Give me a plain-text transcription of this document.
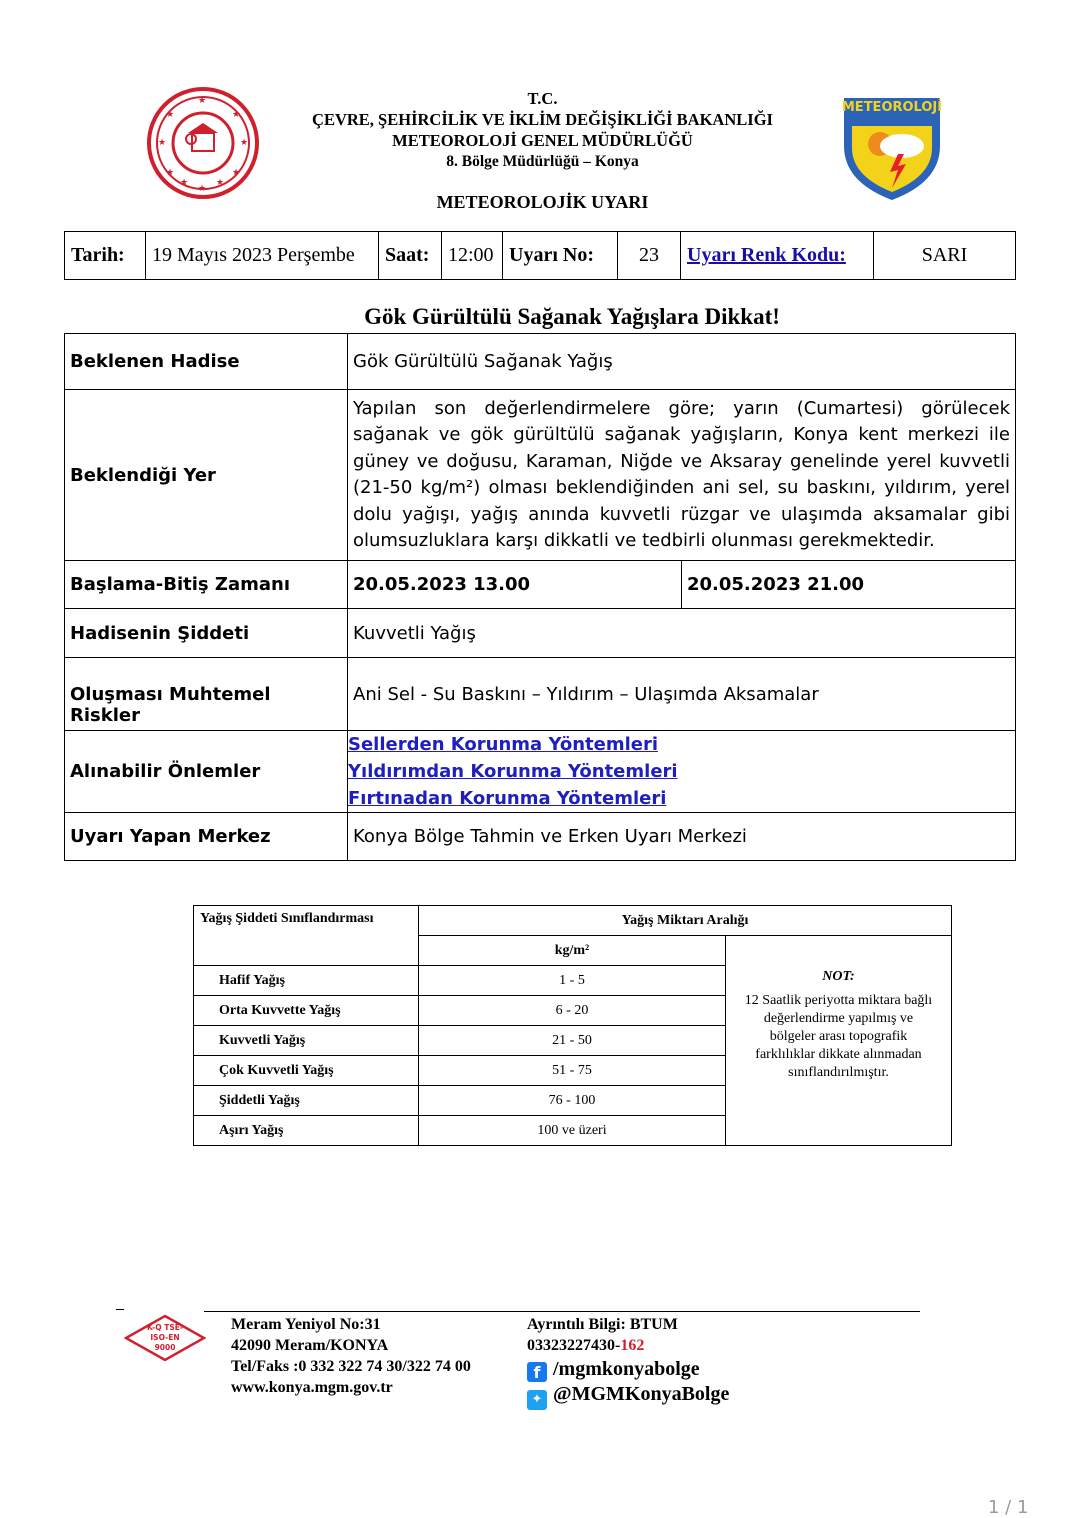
★	★
★	★
★	★
★
★
★	★
T.C.
ÇEVRE, ŞEHİRCİLİK VE İKLİM DEĞİŞİKLİĞİ BAKANLIĞI
METEOROLOJİ GENEL MÜDÜRLÜĞÜ
8. Bölge Müdürlüğü – Konya
METEOROLOJİ
METEOROLOJİK UYARI
Tarih:	19 Mayıs 2023 Perşembe	Saat:	12:00	Uyarı No:	23	Uyarı Renk Kodu:	SARI
Gök Gürültülü Sağanak Yağışlara Dikkat!
Beklenen Hadise	Gök Gürültülü Sağanak Yağış	
Beklendiği Yer	Yapılan son değerlendirmelere göre; yarın (Cumartesi) görülecek sağanak ve gök gürültülü sağanak yağışların, Konya kent merkezi ile güney ve doğusu, Karaman, Niğde ve Aksaray genelinde yerel kuvvetli (21-50 kg/m²) olması beklendiğinden ani sel, su baskını, yıldırım, yerel dolu yağışı, yağış anında kuvvetli rüzgar ve ulaşımda aksamalar gibi olumsuzluklara karşı dikkatli ve tedbirli olunması gerekmektedir.	
Başlama-Bitiş Zamanı	20.05.2023 13.00	20.05.2023 21.00
Hadisenin Şiddeti	Kuvvetli Yağış	
Oluşması Muhtemel Riskler	Ani Sel - Su Baskını – Yıldırım – Ulaşımda Aksamalar	
Alınabilir Önlemler	Sellerden Korunma Yöntemleri
Yıldırımdan Korunma Yöntemleri
Fırtınadan Korunma Yöntemleri	

Uyarı Yapan Merkez	Konya Bölge Tahmin ve Erken Uyarı Merkezi	
Yağış Şiddeti Sınıflandırması	Yağış Miktarı Aralığı	
	kg/m²	
Hafif Yağış	1 - 5	NOT:
12 Saatlik periyotta miktara bağlı değerlendirme yapılmış ve bölgeler arası topografik farklılıklar dikkate alınmadan sınıflandırılmıştır.

Orta Kuvvette Yağış	6 - 20	
Kuvvetli Yağış	21 - 50	
Çok Kuvvetli Yağış	51 - 75	
Şiddetli Yağış	76 - 100	
Aşırı Yağış	100 ve üzeri	
K-Q TSE-ISO-EN 9000
Meram Yeniyol No:31
42090 Meram/KONYA
Tel/Faks :0 332 322 74 30/322 74 00
www.konya.mgm.gov.tr
Ayrıntılı Bilgi: BTUM
03323227430-162
f /mgmkonyabolge
✦ @MGMKonyaBolge
1 / 1
